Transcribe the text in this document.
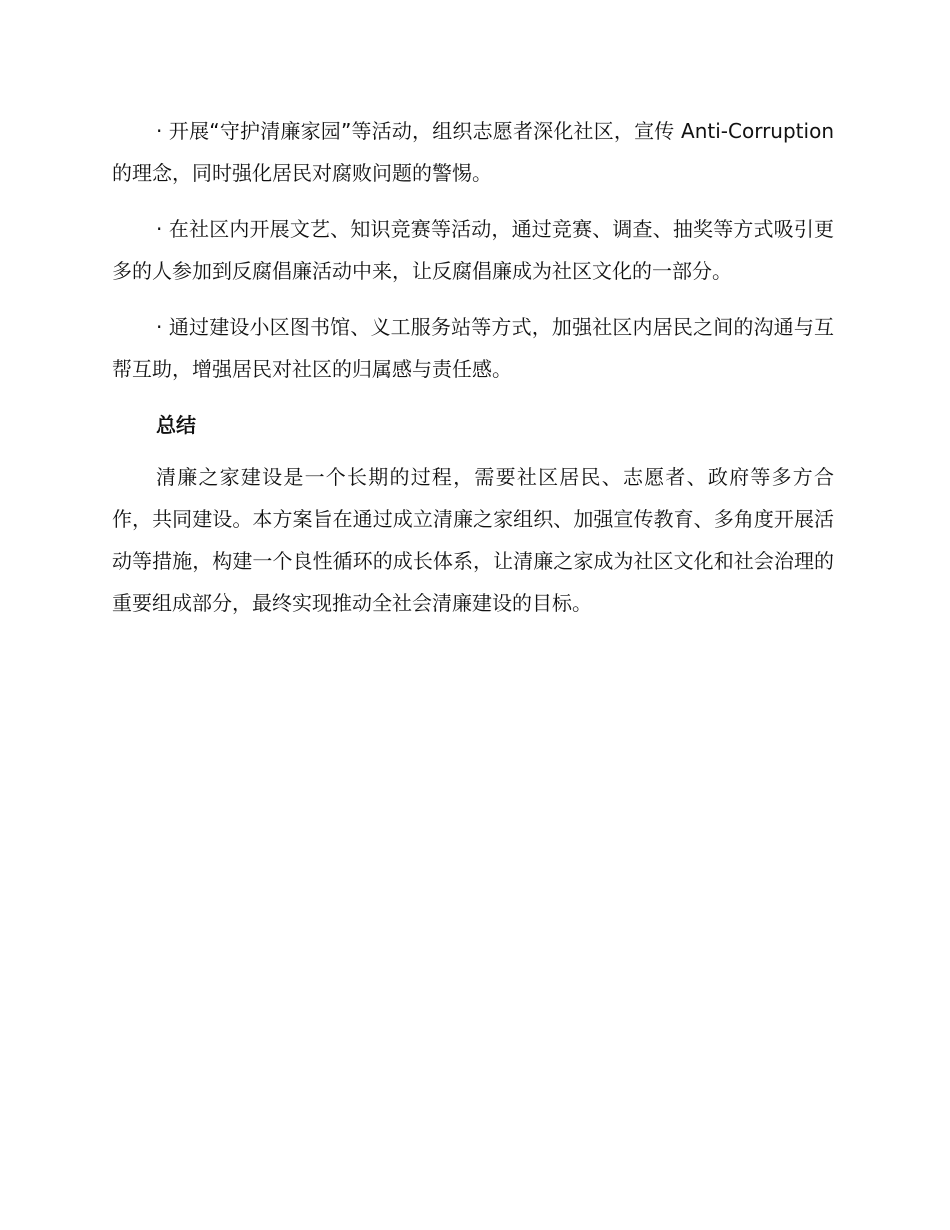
· 开展“守护清廉家园”等活动，组织志愿者深化社区，宣传 Anti-Corruption 的理念，同时强化居民对腐败问题的警惕。

· 在社区内开展文艺、知识竞赛等活动，通过竞赛、调查、抽奖等方式吸引更多的人参加到反腐倡廉活动中来，让反腐倡廉成为社区文化的一部分。

· 通过建设小区图书馆、义工服务站等方式，加强社区内居民之间的沟通与互帮互助，增强居民对社区的归属感与责任感。

总结

清廉之家建设是一个长期的过程，需要社区居民、志愿者、政府等多方合作，共同建设。本方案旨在通过成立清廉之家组织、加强宣传教育、多角度开展活动等措施，构建一个良性循环的成长体系，让清廉之家成为社区文化和社会治理的重要组成部分，最终实现推动全社会清廉建设的目标。
